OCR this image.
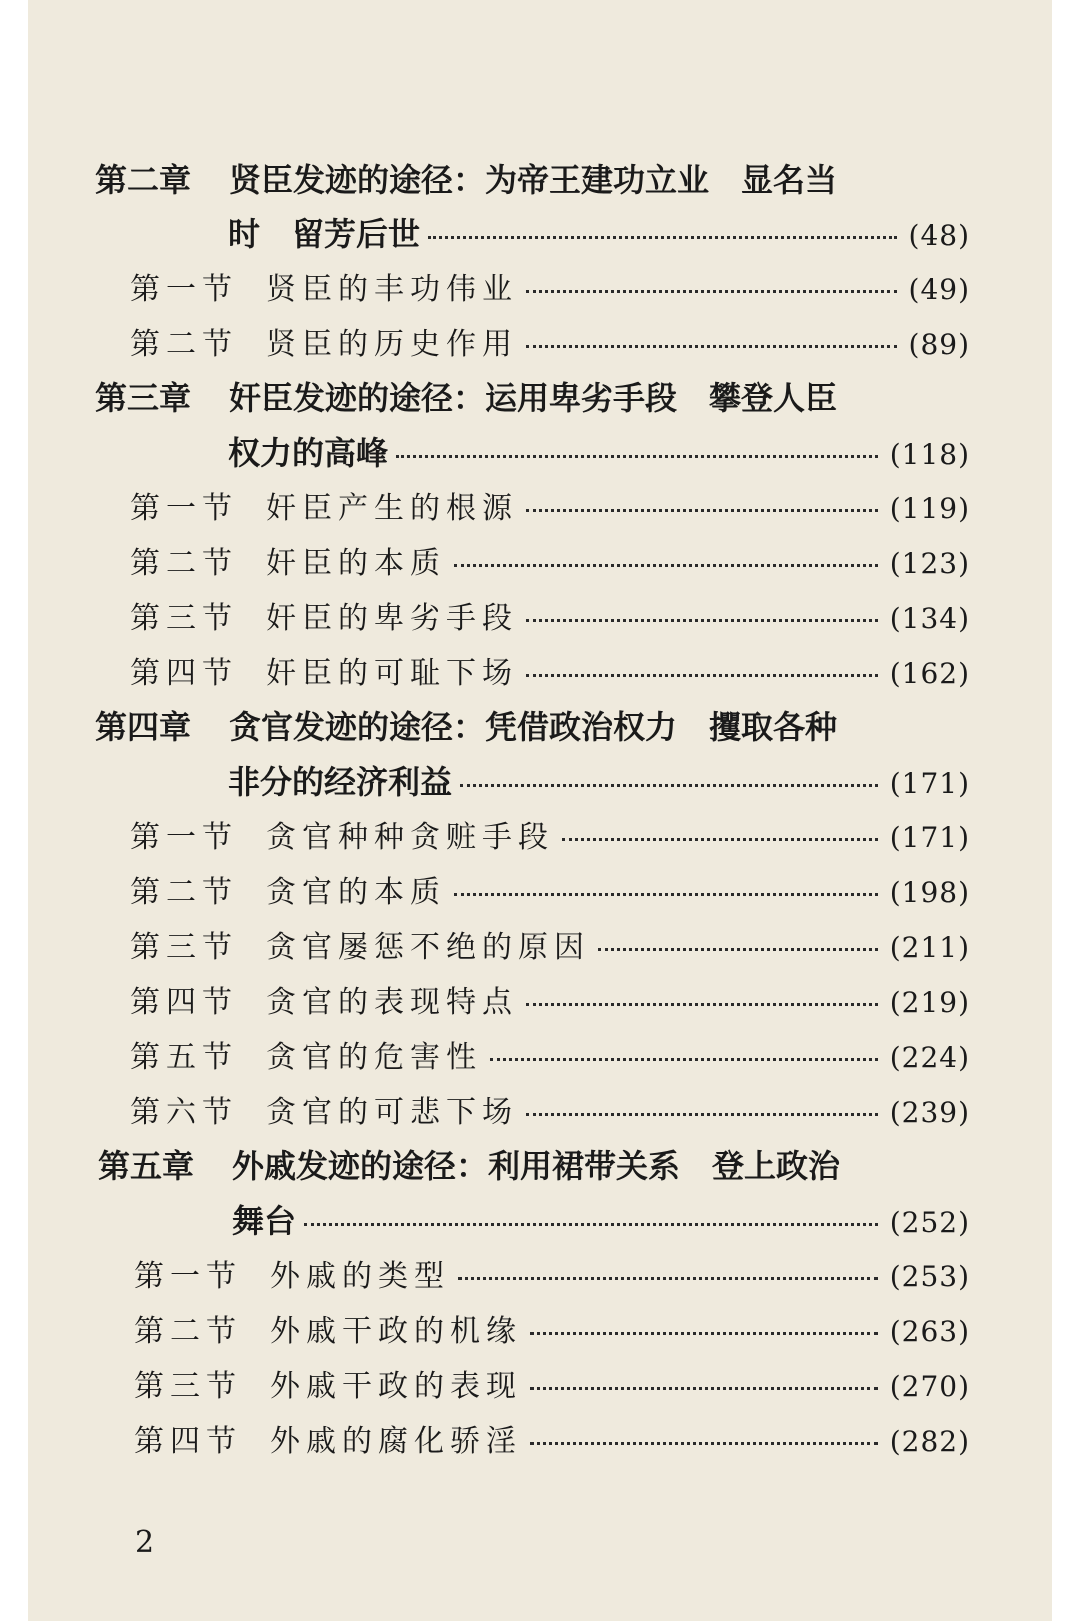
第二章	贤臣发迹的途径：为帝王建功立业　显名当
时　留芳后世	(48)
第一节 贤臣的丰功伟业	(49)
第二节 贤臣的历史作用	(89)
第三章	奸臣发迹的途径：运用卑劣手段　攀登人臣
权力的高峰	(118)
第一节 奸臣产生的根源	(119)
第二节 奸臣的本质	(123)
第三节 奸臣的卑劣手段	(134)
第四节 奸臣的可耻下场	(162)
第四章	贪官发迹的途径：凭借政治权力　攫取各种
非分的经济利益	(171)
第一节 贪官种种贪赃手段	(171)
第二节 贪官的本质	(198)
第三节 贪官屡惩不绝的原因	(211)
第四节 贪官的表现特点	(219)
第五节 贪官的危害性	(224)
第六节 贪官的可悲下场	(239)
第五章	外戚发迹的途径：利用裙带关系　登上政治
舞台	(252)
第一节 外戚的类型	(253)
第二节 外戚干政的机缘	(263)
第三节 外戚干政的表现	(270)
第四节 外戚的腐化骄淫	(282)
2
